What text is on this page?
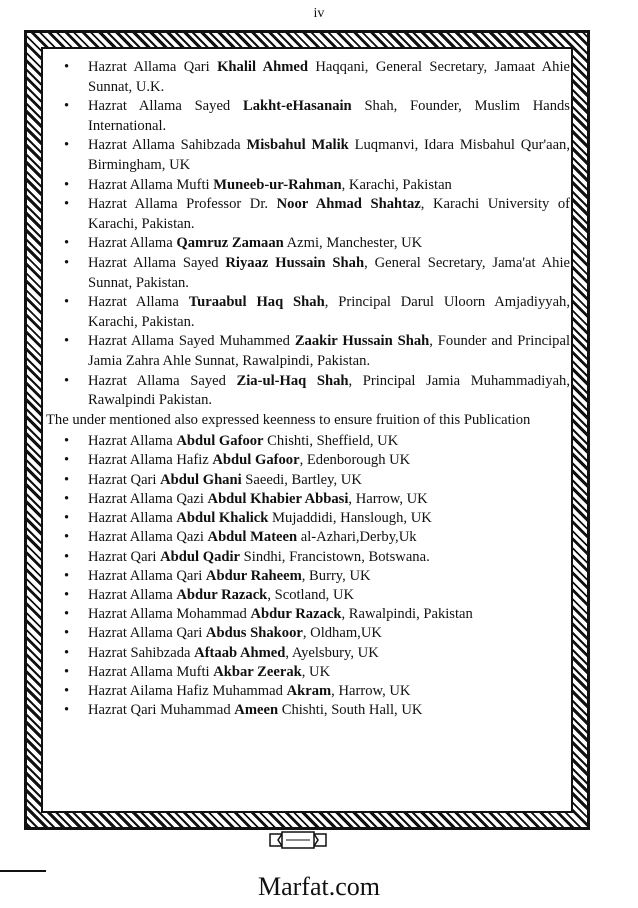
iv
• Hazrat Allama Qari Khalil Ahmed Haqqani, General Secretary, Jamaat Ahie Sunnat, U.K.
• Hazrat Allama Sayed Lakht-eHasanain Shah, Founder, Muslim Hands International.
• Hazrat Allama Sahibzada Misbahul Malik Luqmanvi, Idara Misbahul Qur'aan, Birmingham, UK
• Hazrat Allama Mufti Muneeb-ur-Rahman, Karachi, Pakistan
• Hazrat Allama Professor Dr. Noor Ahmad Shahtaz, Karachi University of Karachi, Pakistan.
• Hazrat Allama Qamruz Zamaan Azmi, Manchester, UK
• Hazrat Allama Sayed Riyaaz Hussain Shah, General Secretary, Jama'at Ahie Sunnat, Pakistan.
• Hazrat Allama Turaabul Haq Shah, Principal Darul Uloorn Amjadiyyah, Karachi, Pakistan.
• Hazrat Allama Sayed Muhammed Zaakir Hussain Shah, Founder and Principal Jamia Zahra Ahle Sunnat, Rawalpindi, Pakistan.
• Hazrat Allama Sayed Zia-ul-Haq Shah, Principal Jamia Muhammadiyah, Rawalpindi Pakistan.

The under mentioned also expressed keenness to ensure fruition of this Publication

• Hazrat Allama Abdul Gafoor Chishti, Sheffield, UK
• Hazrat Allama Hafiz Abdul Gafoor, Edenborough UK
• Hazrat Qari Abdul Ghani Saeedi, Bartley, UK
• Hazrat Allama Qazi Abdul Khabier Abbasi, Harrow, UK
• Hazrat Allama Abdul Khalick Mujaddidi, Hanslough, UK
• Hazrat Allama Qazi Abdul Mateen al-Azhari,Derby,Uk
• Hazrat Qari Abdul Qadir Sindhi, Francistown, Botswana.
• Hazrat Allama Qari Abdur Raheem, Burry, UK
• Hazrat Allama Abdur Razack, Scotland, UK
• Hazrat Allama Mohammad Abdur Razack, Rawalpindi, Pakistan
• Hazrat Allama Qari Abdus Shakoor, Oldham,UK
• Hazrat Sahibzada Aftaab Ahmed, Ayelsbury, UK
• Hazrat Allama Mufti Akbar Zeerak, UK
• Hazrat Ailama Hafiz Muhammad Akram, Harrow, UK
• Hazrat Qari Muhammad Ameen Chishti, South Hall, UK
Marfat.com
